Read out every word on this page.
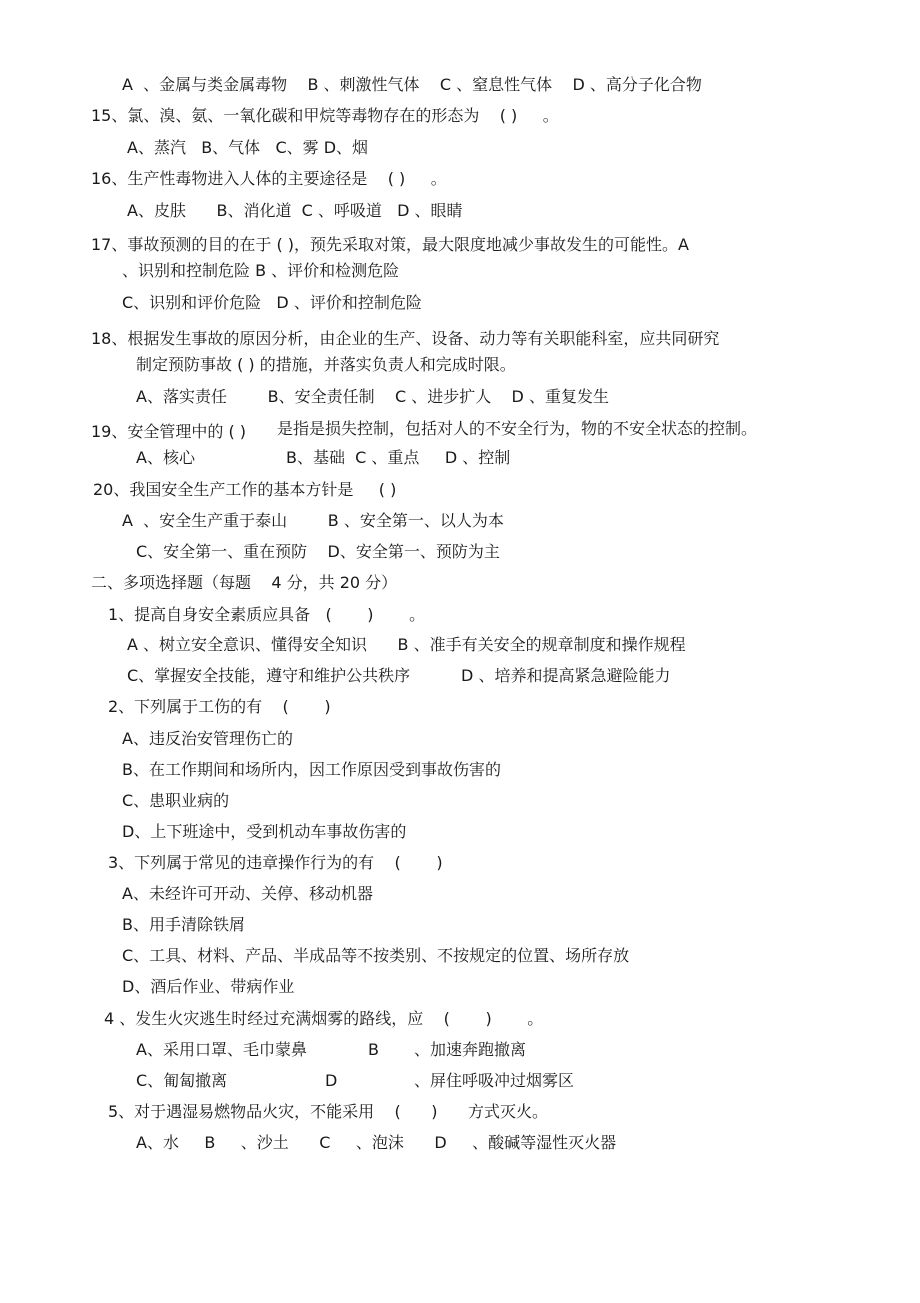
A  、金属与类金属毒物    B 、刺激性气体    C 、窒息性气体    D 、高分子化合物
15、氯、溴、氨、一氧化碳和甲烷等毒物存在的形态为    ( )     。
A、蒸汽   B、气体   C、雾 D、烟
16、生产性毒物进入人体的主要途径是    ( )     。
A、皮肤      B、消化道  C 、呼吸道   D 、眼睛
17、事故预测的目的在于 ( )，预先采取对策，最大限度地减少事故发生的可能性。A
、识别和控制危险 B 、评价和检测危险
C、识别和评价危险   D 、评价和控制危险
18、根据发生事故的原因分析，由企业的生产、设备、动力等有关职能科室，应共同研究
制定预防事故 ( ) 的措施，并落实负责人和完成时限。
A、落实责任        B、安全责任制    C 、进步扩人    D 、重复发生
19、安全管理中的 ( ) 是指是损失控制，包括对人的不安全行为，物的不安全状态的控制。
A、核心	B、基础  C 、重点     D 、控制
20、我国安全生产工作的基本方针是     ( )
A  、安全生产重于泰山        B 、安全第一、以人为本
C、安全第一、重在预防    D、安全第一、预防为主
二、多项选择题（每题    4 分，共 20 分）
1、提高自身安全素质应具备   (       )       。
A 、树立安全意识、懂得安全知识      B 、准手有关安全的规章制度和操作规程
C、掌握安全技能，遵守和维护公共秩序          D 、培养和提高紧急避险能力
2、下列属于工伤的有    (       )
A、违反治安管理伤亡的
B、在工作期间和场所内，因工作原因受到事故伤害的
C、患职业病的
D、上下班途中，受到机动车事故伤害的
3、下列属于常见的违章操作行为的有    (       )
A、未经许可开动、关停、移动机器
B、用手清除铁屑
C、工具、材料、产品、半成品等不按类别、不按规定的位置、场所存放
D、酒后作业、带病作业
4 、发生火灾逃生时经过充满烟雾的路线，应    (       )       。
A、采用口罩、毛巾蒙鼻            B 、加速奔跑撤离
C、匍匐撤离	D	、屏住呼吸冲过烟雾区
5、对于遇湿易燃物品火灾，不能采用    (      )      方式灭火。
A、水     B     、沙土      C     、泡沫      D     、酸碱等湿性灭火器
